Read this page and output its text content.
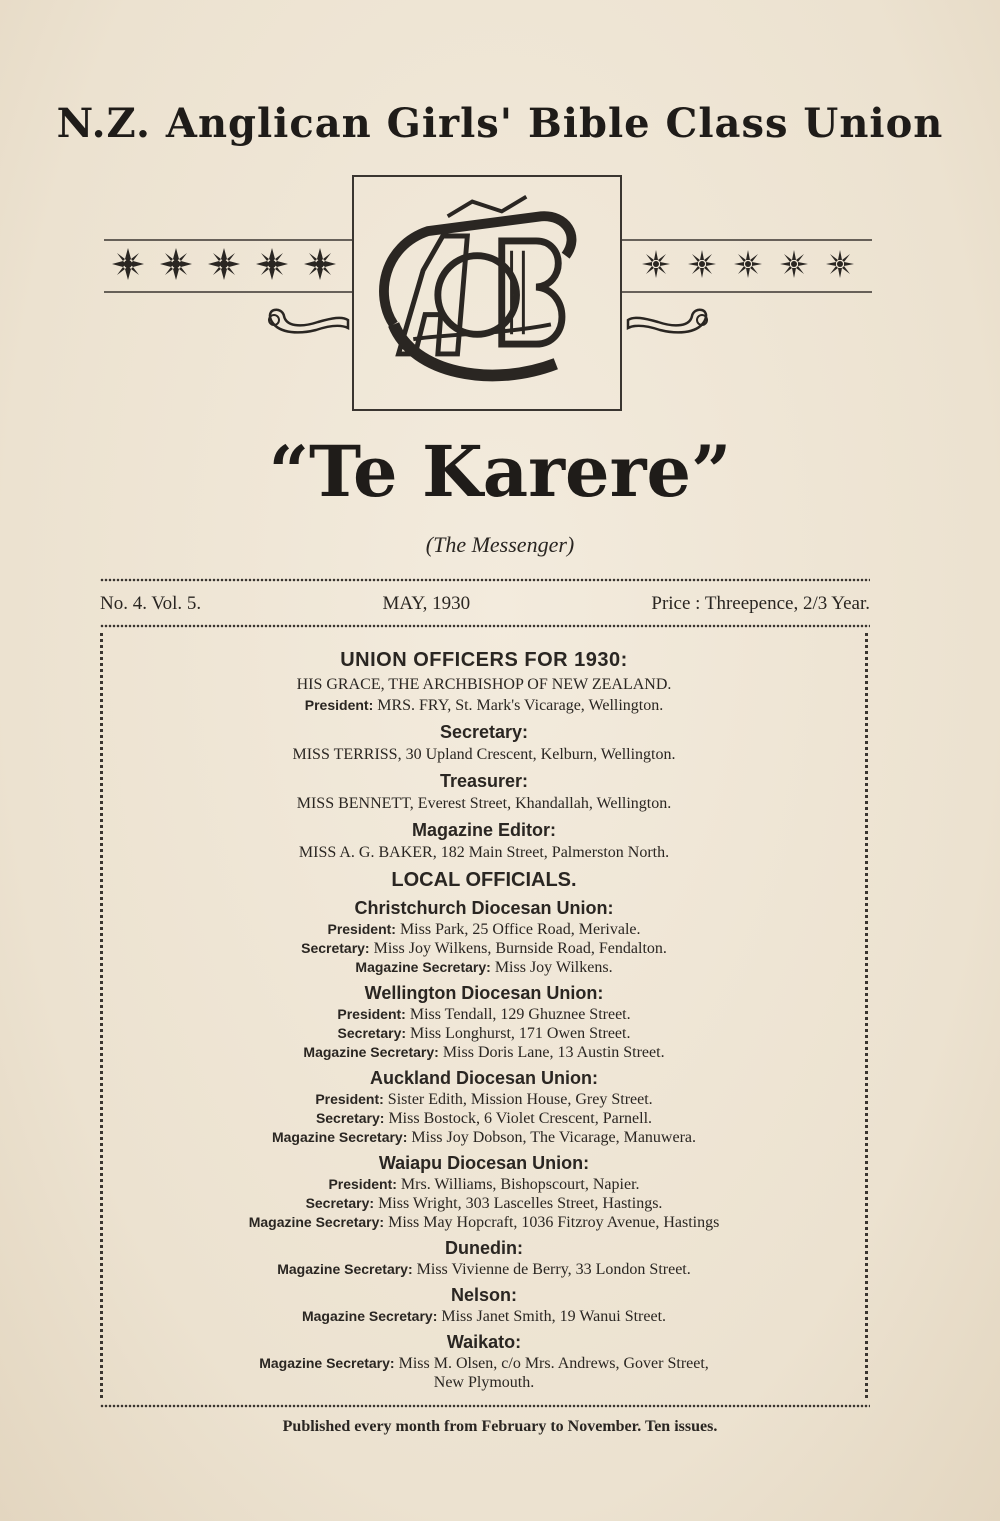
N.Z. Anglican Girls' Bible Class Union
“Te Karere”
(The Messenger)
No. 4. Vol. 5.	MAY, 1930	Price : Threepence, 2/3 Year.
UNION OFFICERS FOR 1930:
HIS GRACE, THE ARCHBISHOP OF NEW ZEALAND.
President: MRS. FRY, St. Mark's Vicarage, Wellington.
Secretary:
MISS TERRISS, 30 Upland Crescent, Kelburn, Wellington.
Treasurer:
MISS BENNETT, Everest Street, Khandallah, Wellington.
Magazine Editor:
MISS A. G. BAKER, 182 Main Street, Palmerston North.
LOCAL OFFICIALS.
Christchurch Diocesan Union:
President: Miss Park, 25 Office Road, Merivale.
Secretary: Miss Joy Wilkens, Burnside Road, Fendalton.
Magazine Secretary: Miss Joy Wilkens.
Wellington Diocesan Union:
President: Miss Tendall, 129 Ghuznee Street.
Secretary: Miss Longhurst, 171 Owen Street.
Magazine Secretary: Miss Doris Lane, 13 Austin Street.
Auckland Diocesan Union:
President: Sister Edith, Mission House, Grey Street.
Secretary: Miss Bostock, 6 Violet Crescent, Parnell.
Magazine Secretary: Miss Joy Dobson, The Vicarage, Manuwera.
Waiapu Diocesan Union:
President: Mrs. Williams, Bishopscourt, Napier.
Secretary: Miss Wright, 303 Lascelles Street, Hastings.
Magazine Secretary: Miss May Hopcraft, 1036 Fitzroy Avenue, Hastings
Dunedin:
Magazine Secretary: Miss Vivienne de Berry, 33 London Street.
Nelson:
Magazine Secretary: Miss Janet Smith, 19 Wanui Street.
Waikato:
Magazine Secretary: Miss M. Olsen, c/o Mrs. Andrews, Gover Street,
New Plymouth.
Published every month from February to November. Ten issues.
